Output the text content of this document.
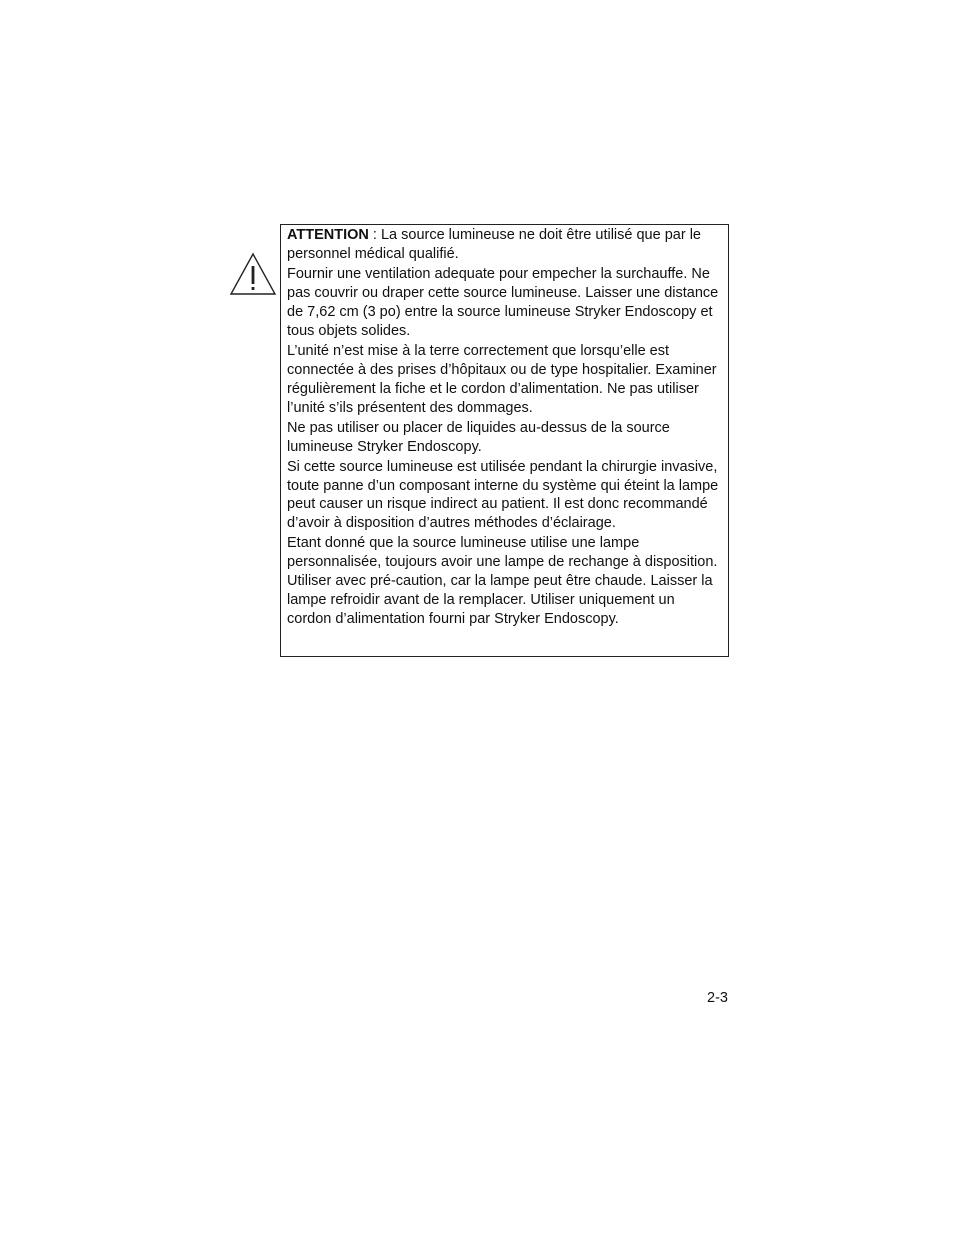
ATTENTION : La source lumineuse ne doit être utilisé que par le personnel médical qualifié.

Fournir une ventilation adequate pour empecher la surchauffe. Ne pas couvrir ou draper cette source lumineuse. Laisser une distance de 7,62 cm (3 po) entre la source lumineuse Stryker Endoscopy et tous objets solides.

L’unité n’est mise à la terre correctement que lorsqu’elle est connectée à des prises d’hôpitaux ou de type hospitalier. Examiner régulièrement la fiche et le cordon d’alimentation. Ne pas utiliser l’unité s’ils présentent des dommages.

Ne pas utiliser ou placer de liquides au-dessus de la source lumineuse Stryker Endoscopy.

Si cette source lumineuse est utilisée pendant la chirurgie invasive, toute panne d’un composant interne du système qui éteint la lampe peut causer un risque indirect au patient. Il est donc recommandé d’avoir à disposition d’autres méthodes d’éclairage.

Etant donné que la source lumineuse utilise une lampe personnalisée, toujours avoir une lampe de rechange à disposition. Utiliser avec pré-caution, car la lampe peut être chaude. Laisser la lampe refroidir avant de la remplacer. Utiliser uniquement un cordon d’alimentation fourni par Stryker Endoscopy.

2-3
